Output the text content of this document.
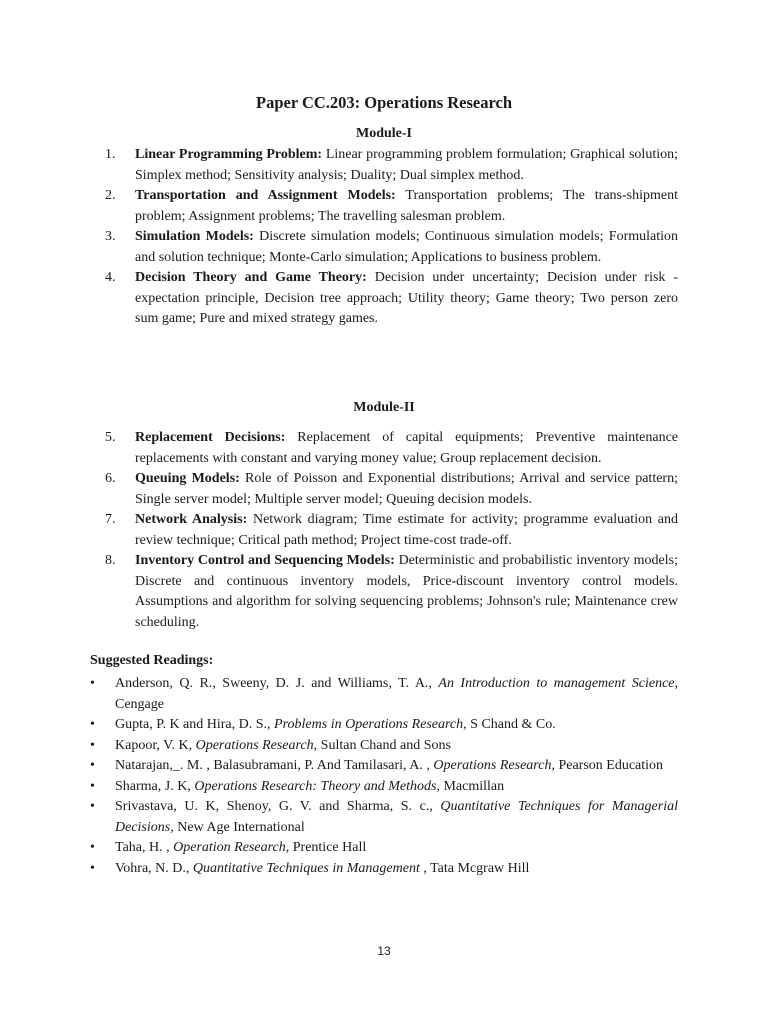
Paper CC.203: Operations Research
Module-I
1.	Linear Programming Problem: Linear programming problem formulation; Graphical solution; Simplex method; Sensitivity analysis; Duality; Dual simplex method.
2.	Transportation and Assignment Models: Transportation problems; The trans-shipment problem; Assignment problems; The travelling salesman problem.
3.	Simulation Models: Discrete simulation models; Continuous simulation models; Formulation and solution technique; Monte-Carlo simulation; Applications to business problem.
4.	Decision Theory and Game Theory: Decision under uncertainty; Decision under risk - expectation principle, Decision tree approach; Utility theory; Game theory; Two person zero sum game; Pure and mixed strategy games.
Module-II
5.	Replacement Decisions: Replacement of capital equipments; Preventive maintenance replacements with constant and varying money value; Group replacement decision.
6.	Queuing Models: Role of Poisson and Exponential distributions; Arrival and service pattern; Single server model; Multiple server model; Queuing decision models.
7.	Network Analysis: Network diagram; Time estimate for activity; programme evaluation and review technique; Critical path method; Project time-cost trade-off.
8.	Inventory Control and Sequencing Models: Deterministic and probabilistic inventory models; Discrete and continuous inventory models, Price-discount inventory control models. Assumptions and algorithm for solving sequencing problems; Johnson's rule; Maintenance crew scheduling.
Suggested Readings:
•	Anderson, Q. R., Sweeny, D. J. and Williams, T. A., An Introduction to management Science, Cengage
•	Gupta, P. K and Hira, D. S., Problems in Operations Research, S Chand & Co.
•	Kapoor, V. K, Operations Research, Sultan Chand and Sons
•	Natarajan,_. M. , Balasubramani, P. And Tamilasari, A. , Operations Research, Pearson Education
•	Sharma, J. K, Operations Research: Theory and Methods, Macmillan
•	Srivastava, U. K, Shenoy, G. V. and Sharma, S. c., Quantitative Techniques for Managerial Decisions, New Age International
•	Taha, H. , Operation Research, Prentice Hall
•	Vohra, N. D., Quantitative Techniques in Management , Tata Mcgraw Hill
13
